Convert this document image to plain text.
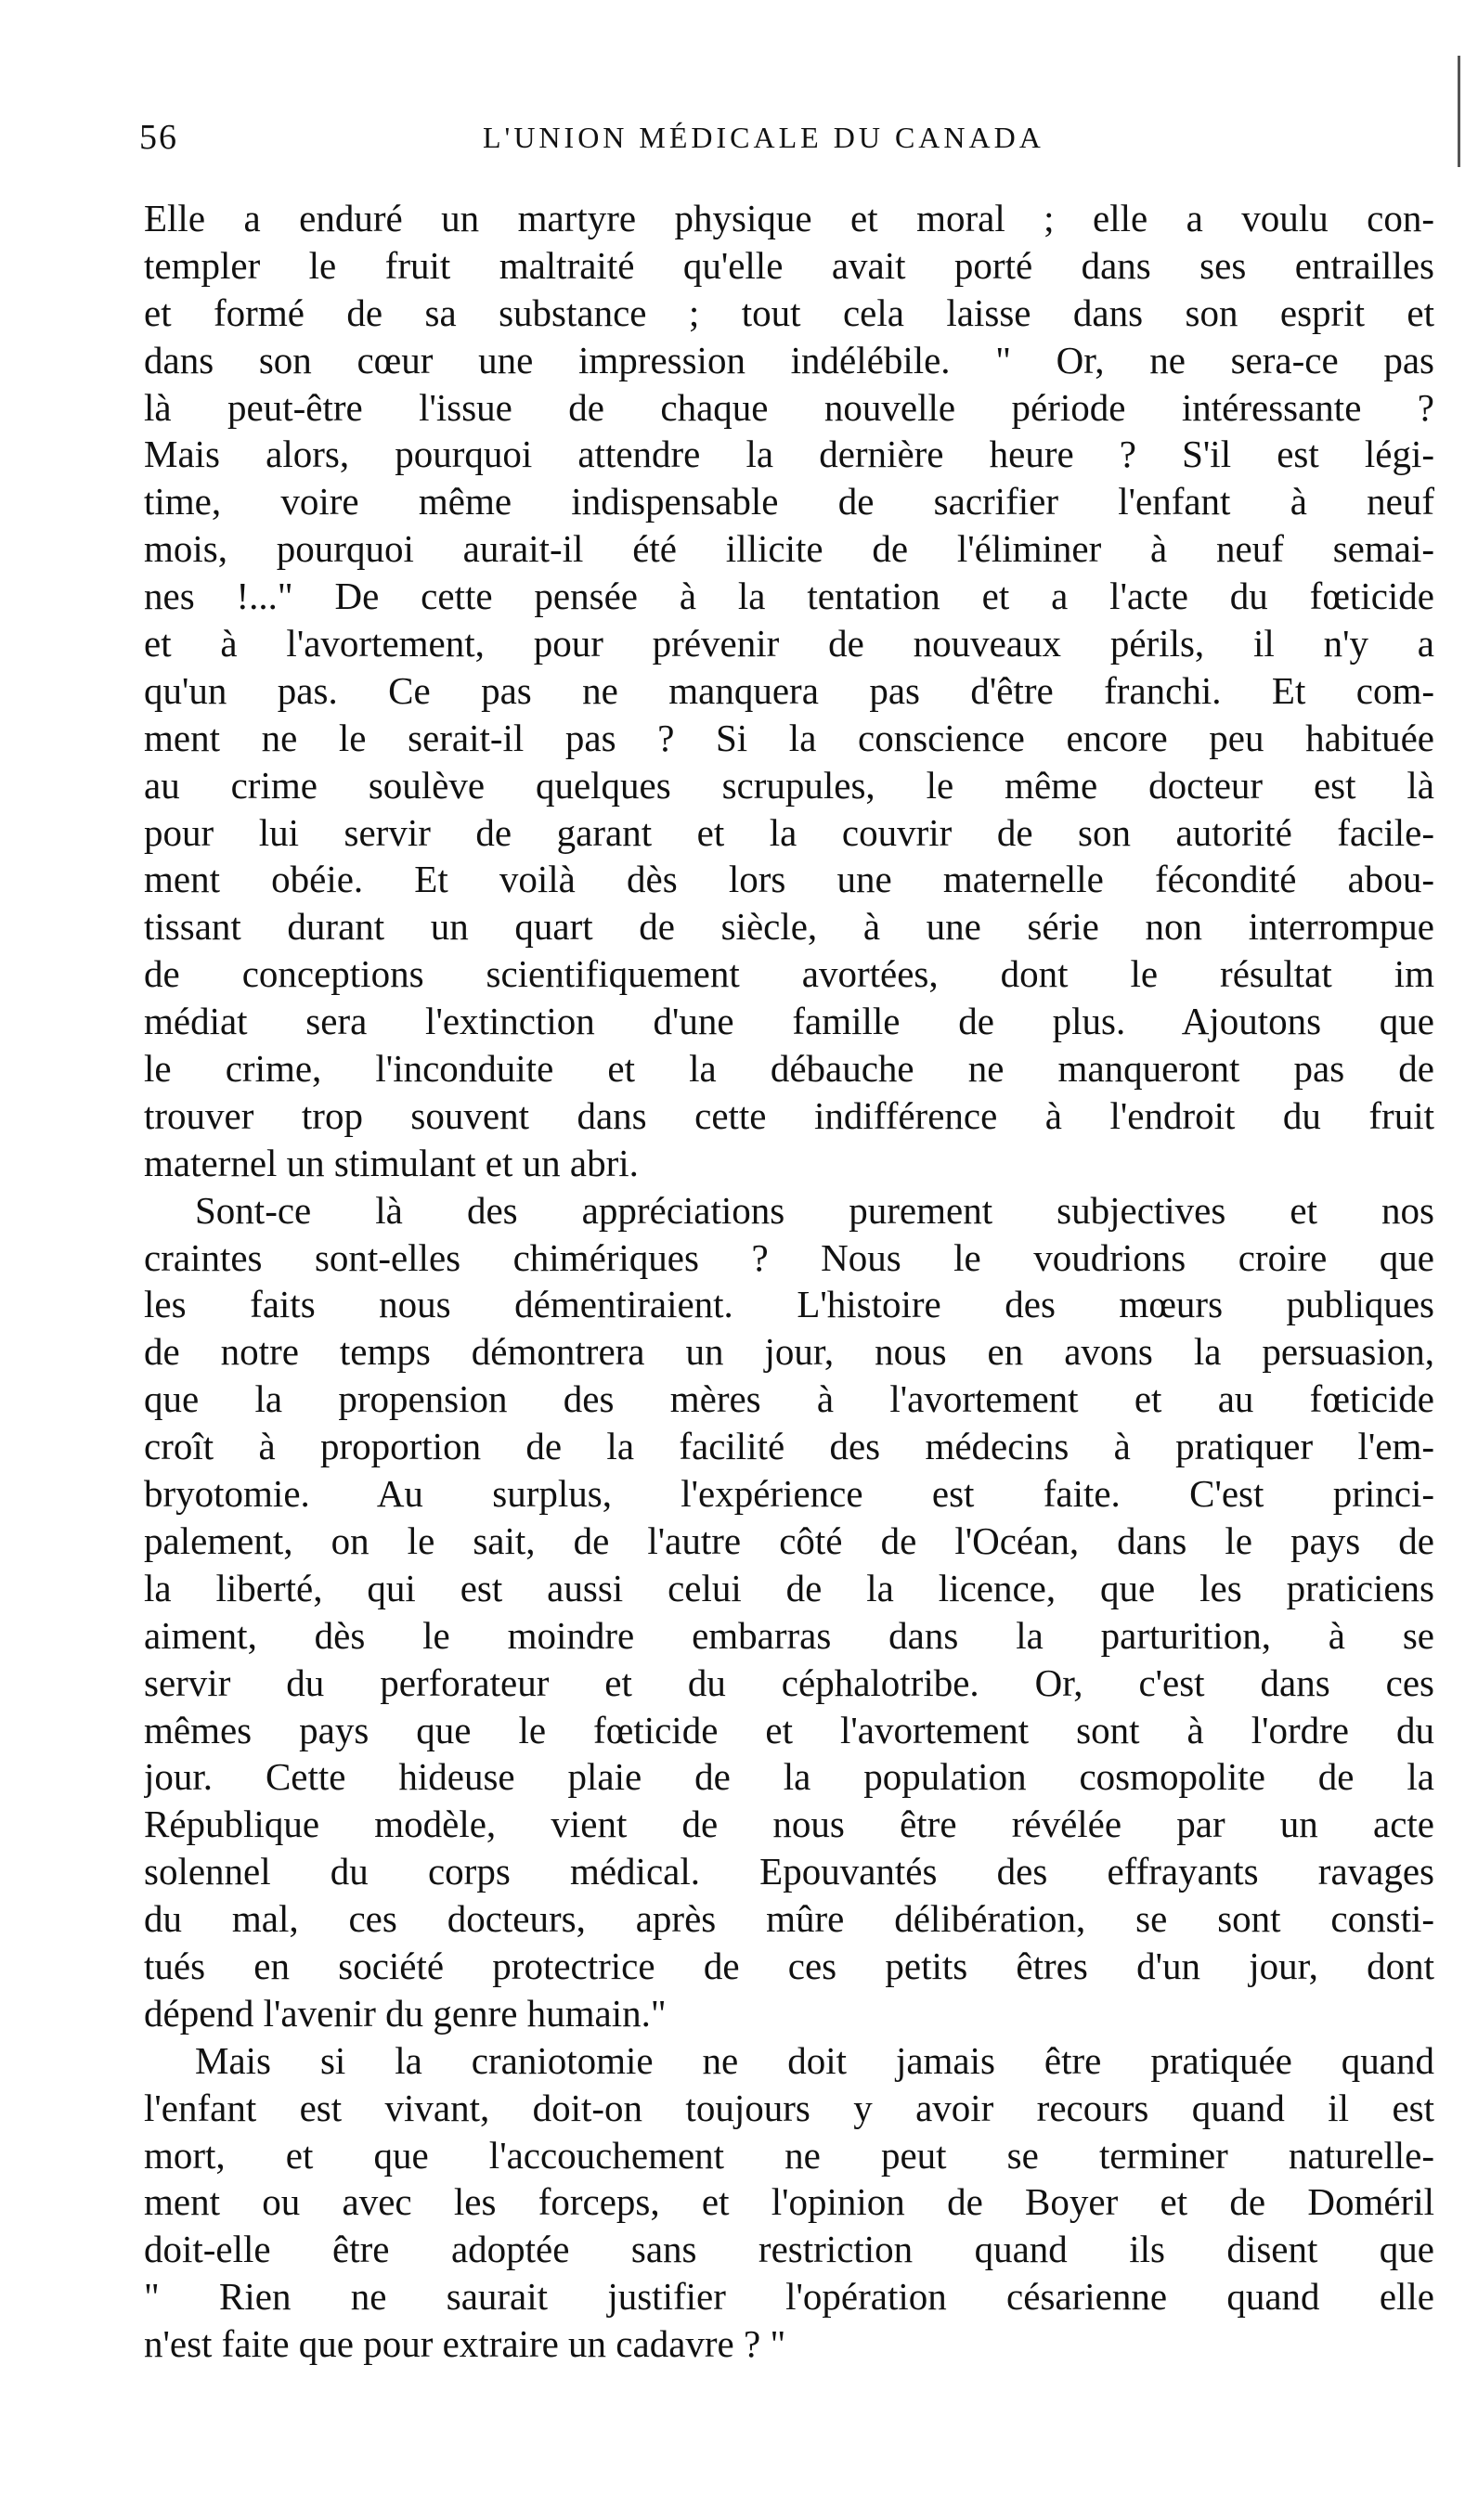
56	L'UNION MÉDICALE DU CANADA
Elle a enduré un martyre physique et moral ; elle a voulu con-
templer le fruit maltraité qu'elle avait porté dans ses entrailles
et formé de sa substance ; tout cela laisse dans son esprit et
dans son cœur une impression indélébile. " Or, ne sera-ce pas
là peut-être l'issue de chaque nouvelle période intéressante ?
Mais alors, pourquoi attendre la dernière heure ? S'il est légi-
time, voire même indispensable de sacrifier l'enfant à neuf
mois, pourquoi aurait-il été illicite de l'éliminer à neuf semai-
nes !..." De cette pensée à la tentation et a l'acte du fœticide
et à l'avortement, pour prévenir de nouveaux périls, il n'y a
qu'un pas. Ce pas ne manquera pas d'être franchi. Et com-
ment ne le serait-il pas ? Si la conscience encore peu habituée
au crime soulève quelques scrupules, le même docteur est là
pour lui servir de garant et la couvrir de son autorité facile-
ment obéie. Et voilà dès lors une maternelle fécondité abou-
tissant durant un quart de siècle, à une série non interrompue
de conceptions scientifiquement avortées, dont le résultat im
médiat sera l'extinction d'une famille de plus. Ajoutons que
le crime, l'inconduite et la débauche ne manqueront pas de
trouver trop souvent dans cette indifférence à l'endroit du fruit
maternel un stimulant et un abri.
Sont-ce là des appréciations purement subjectives et nos
craintes sont-elles chimériques ? Nous le voudrions croire que
les faits nous démentiraient. L'histoire des mœurs publiques
de notre temps démontrera un jour, nous en avons la persuasion,
que la propension des mères à l'avortement et au fœticide
croît à proportion de la facilité des médecins à pratiquer l'em-
bryotomie. Au surplus, l'expérience est faite. C'est princi-
palement, on le sait, de l'autre côté de l'Océan, dans le pays de
la liberté, qui est aussi celui de la licence, que les praticiens
aiment, dès le moindre embarras dans la parturition, à se
servir du perforateur et du céphalotribe. Or, c'est dans ces
mêmes pays que le fœticide et l'avortement sont à l'ordre du
jour. Cette hideuse plaie de la population cosmopolite de la
République modèle, vient de nous être révélée par un acte
solennel du corps médical. Epouvantés des effrayants ravages
du mal, ces docteurs, après mûre délibération, se sont consti-
tués en société protectrice de ces petits êtres d'un jour, dont
dépend l'avenir du genre humain."
Mais si la craniotomie ne doit jamais être pratiquée quand
l'enfant est vivant, doit-on toujours y avoir recours quand il est
mort, et que l'accouchement ne peut se terminer naturelle-
ment ou avec les forceps, et l'opinion de Boyer et de Doméril
doit-elle être adoptée sans restriction quand ils disent que
" Rien ne saurait justifier l'opération césarienne quand elle
n'est faite que pour extraire un cadavre ? "
